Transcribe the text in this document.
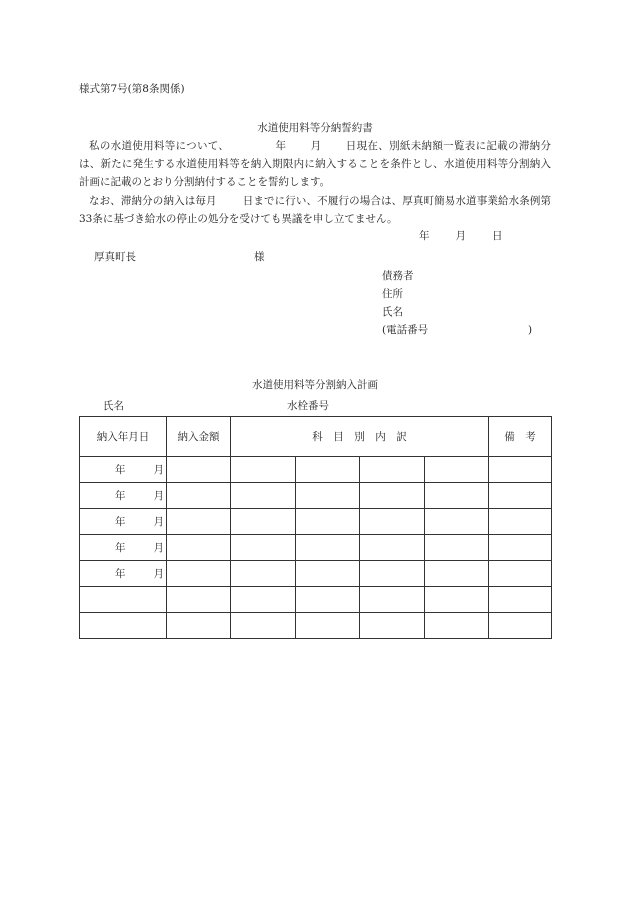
様式第7号(第8条関係)
水道使用料等分納誓約書
私の水道使用料等について、	年 月 日現在、別紙未納額一覧表に記載の滞納分は、新たに発生する水道使用料等を納入期限内に納入することを条件とし、水道使用料等分割納入計画に記載のとおり分割納付することを誓約します。
なお、滞納分の納入は毎月 日までに行い、不履行の場合は、厚真町簡易水道事業給水条例第33条に基づき給水の停止の処分を受けても異議を申し立てません。
年 月 日
厚真町長	様
債務者
住所
氏名
(電話番号	)
水道使用料等分割納入計画
氏名	水栓番号
納入年月日	納入金額	科　目　別　内　訳				備　考
年 月						
年 月						
年 月						
年 月						
年 月						
